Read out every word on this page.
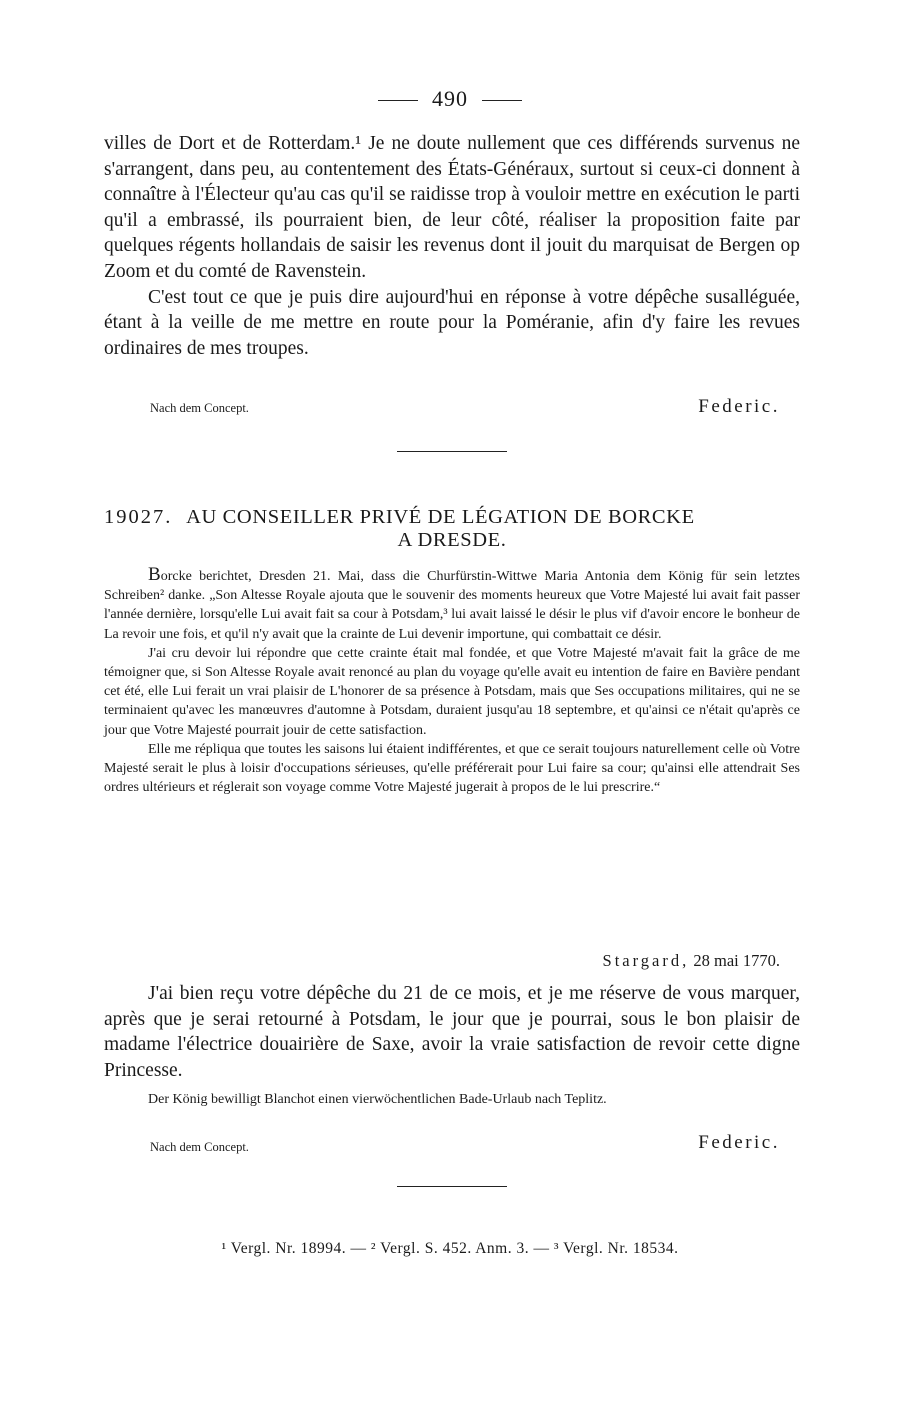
490

villes de Dort et de Rotterdam.¹ Je ne doute nullement que ces différends survenus ne s'arrangent, dans peu, au contentement des États-Généraux, surtout si ceux-ci donnent à connaître à l'Électeur qu'au cas qu'il se raidisse trop à vouloir mettre en exécution le parti qu'il a embrassé, ils pourraient bien, de leur côté, réaliser la proposition faite par quelques régents hollandais de saisir les revenus dont il jouit du marquisat de Bergen op Zoom et du comté de Ravenstein.

C'est tout ce que je puis dire aujourd'hui en réponse à votre dépêche susalléguée, étant à la veille de me mettre en route pour la Poméranie, afin d'y faire les revues ordinaires de mes troupes.

Nach dem Concept.	Federic.
19027. AU CONSEILLER PRIVÉ DE LÉGATION DE BORCKE
A DRESDE.

Borcke berichtet, Dresden 21. Mai, dass die Churfürstin-Wittwe Maria Antonia dem König für sein letztes Schreiben² danke. „Son Altesse Royale ajouta que le souvenir des moments heureux que Votre Majesté lui avait fait passer l'année dernière, lorsqu'elle Lui avait fait sa cour à Potsdam,³ lui avait laissé le désir le plus vif d'avoir encore le bonheur de La revoir une fois, et qu'il n'y avait que la crainte de Lui devenir importune, qui combattait ce désir.

J'ai cru devoir lui répondre que cette crainte était mal fondée, et que Votre Majesté m'avait fait la grâce de me témoigner que, si Son Altesse Royale avait renoncé au plan du voyage qu'elle avait eu intention de faire en Bavière pendant cet été, elle Lui ferait un vrai plaisir de L'honorer de sa présence à Potsdam, mais que Ses occupations militaires, qui ne se terminaient qu'avec les manœuvres d'automne à Potsdam, duraient jusqu'au 18 septembre, et qu'ainsi ce n'était qu'après ce jour que Votre Majesté pourrait jouir de cette satisfaction.

Elle me répliqua que toutes les saisons lui étaient indifférentes, et que ce serait toujours naturellement celle où Votre Majesté serait le plus à loisir d'occupations sérieuses, qu'elle préférerait pour Lui faire sa cour; qu'ainsi elle attendrait Ses ordres ultérieurs et réglerait son voyage comme Votre Majesté jugerait à propos de le lui prescrire.“

Stargard, 28 mai 1770.

J'ai bien reçu votre dépêche du 21 de ce mois, et je me réserve de vous marquer, après que je serai retourné à Potsdam, le jour que je pourrai, sous le bon plaisir de madame l'électrice douairière de Saxe, avoir la vraie satisfaction de revoir cette digne Princesse.

Der König bewilligt Blanchot einen vierwöchentlichen Bade-Urlaub nach Teplitz.

Nach dem Concept.	Federic.
¹ Vergl. Nr. 18994. — ² Vergl. S. 452. Anm. 3. — ³ Vergl. Nr. 18534.
